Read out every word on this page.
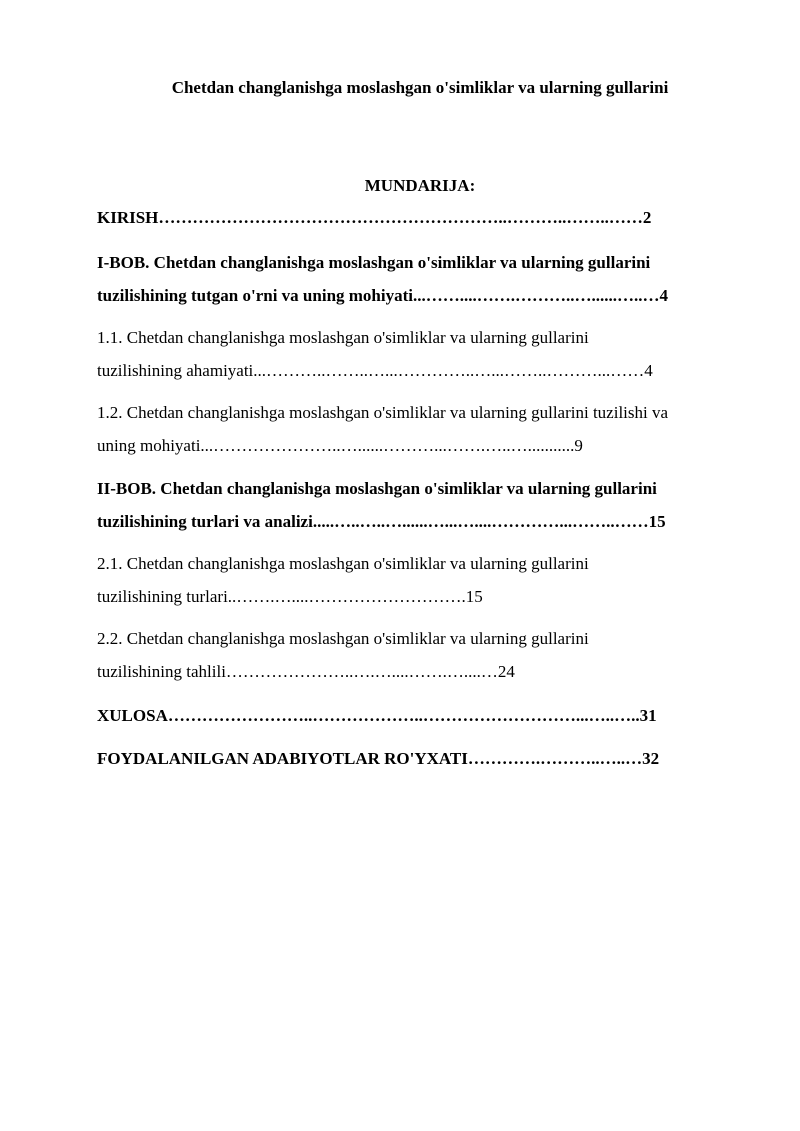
Chetdan changlanishga moslashgan o'simliklar va ularning gullarini
MUNDARIJA:
KIRISH……………………………………………………..………..……..……2
I-BOB. Chetdan changlanishga moslashgan o'simliklar va ularning gullarini
tuzilishining tutgan o'rni va uning mohiyati...……....…….………..…......…..…4
1.1. Chetdan changlanishga moslashgan o'simliklar va ularning gullarini
tuzilishining ahamiyati...………..……..…...…………..…...……..………...……4
1.2. Chetdan changlanishga moslashgan o'simliklar va ularning gullarini tuzilishi va
uning mohiyati...…………………..…......………...…….…..…...........9
II-BOB. Chetdan changlanishga moslashgan o'simliklar va ularning gullarini
tuzilishining turlari va analizi.....…..…..…......…...…....…………...……..……15
2.1. Chetdan changlanishga moslashgan o'simliklar va ularning gullarini
tuzilishining turlari..…….…....……………………….15
2.2. Chetdan changlanishga moslashgan o'simliklar va ularning gullarini
tuzilishining tahlili…………………..….…....…….…....…24
XULOSA……………………..………………..………………………...…..…..31
FOYDALANILGAN ADABIYOTLAR RO'YXATI………….………..…..…32
